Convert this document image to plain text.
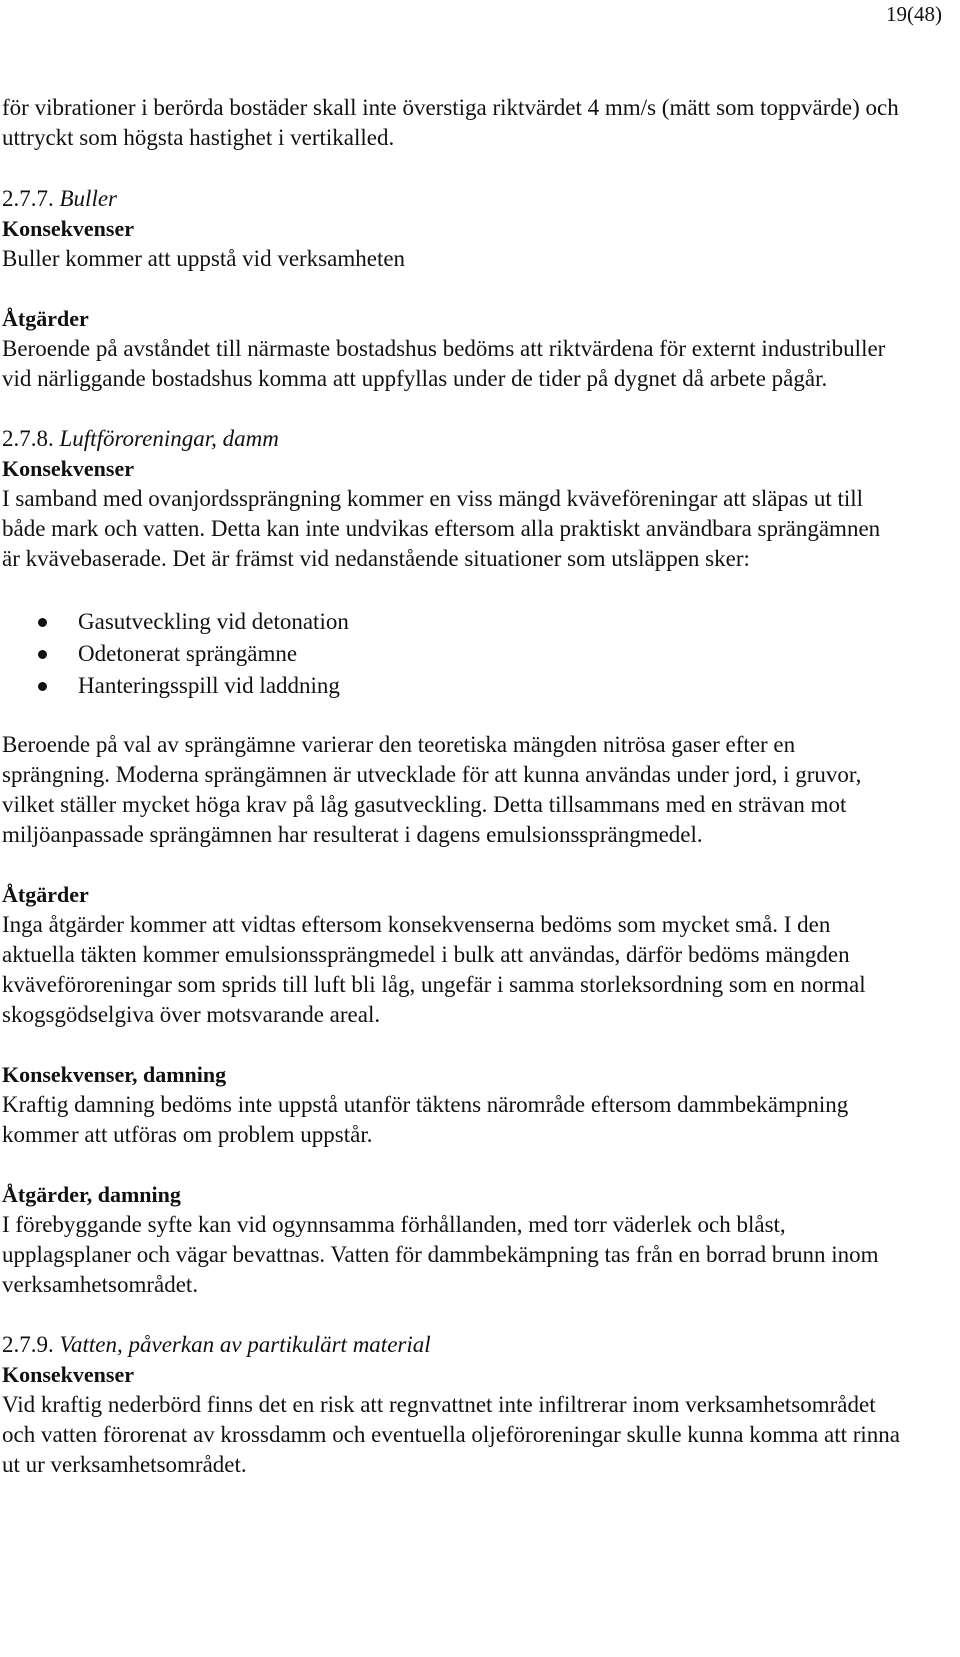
19(48)

för vibrationer i berörda bostäder skall inte överstiga riktvärdet 4 mm/s (mätt som toppvärde) och uttryckt som högsta hastighet i vertikalled.

2.7.7. Buller

Konsekvenser

Buller kommer att uppstå vid verksamheten

Åtgärder

Beroende på avståndet till närmaste bostadshus bedöms att riktvärdena för externt industribuller vid närliggande bostadshus komma att uppfyllas under de tider på dygnet då arbete pågår.

2.7.8. Luftföroreningar, damm

Konsekvenser

I samband med ovanjordssprängning kommer en viss mängd kväveföreningar att släpas ut till både mark och vatten. Detta kan inte undvikas eftersom alla praktiskt användbara sprängämnen är kvävebaserade. Det är främst vid nedanstående situationer som utsläppen sker:

Gasutveckling vid detonation
Odetonerat sprängämne
Hanteringsspill vid laddning

Beroende på val av sprängämne varierar den teoretiska mängden nitrösa gaser efter en sprängning. Moderna sprängämnen är utvecklade för att kunna användas under jord, i gruvor, vilket ställer mycket höga krav på låg gasutveckling. Detta tillsammans med en strävan mot miljöanpassade sprängämnen har resulterat i dagens emulsionssprängmedel.

Åtgärder

Inga åtgärder kommer att vidtas eftersom konsekvenserna bedöms som mycket små. I den aktuella täkten kommer emulsionssprängmedel i bulk att användas, därför bedöms mängden kväveföroreningar som sprids till luft bli låg, ungefär i samma storleksordning som en normal skogsgödselgiva över motsvarande areal.

Konsekvenser, damning

Kraftig damning bedöms inte uppstå utanför täktens närområde eftersom dammbekämpning kommer att utföras om problem uppstår.

Åtgärder, damning

I förebyggande syfte kan vid ogynnsamma förhållanden, med torr väderlek och blåst, upplagsplaner och vägar bevattnas. Vatten för dammbekämpning tas från en borrad brunn inom verksamhetsområdet.

2.7.9. Vatten, påverkan av partikulärt material

Konsekvenser

Vid kraftig nederbörd finns det en risk att regnvattnet inte infiltrerar inom verksamhetsområdet och vatten förorenat av krossdamm och eventuella oljeföroreningar skulle kunna komma att rinna ut ur verksamhetsområdet.
